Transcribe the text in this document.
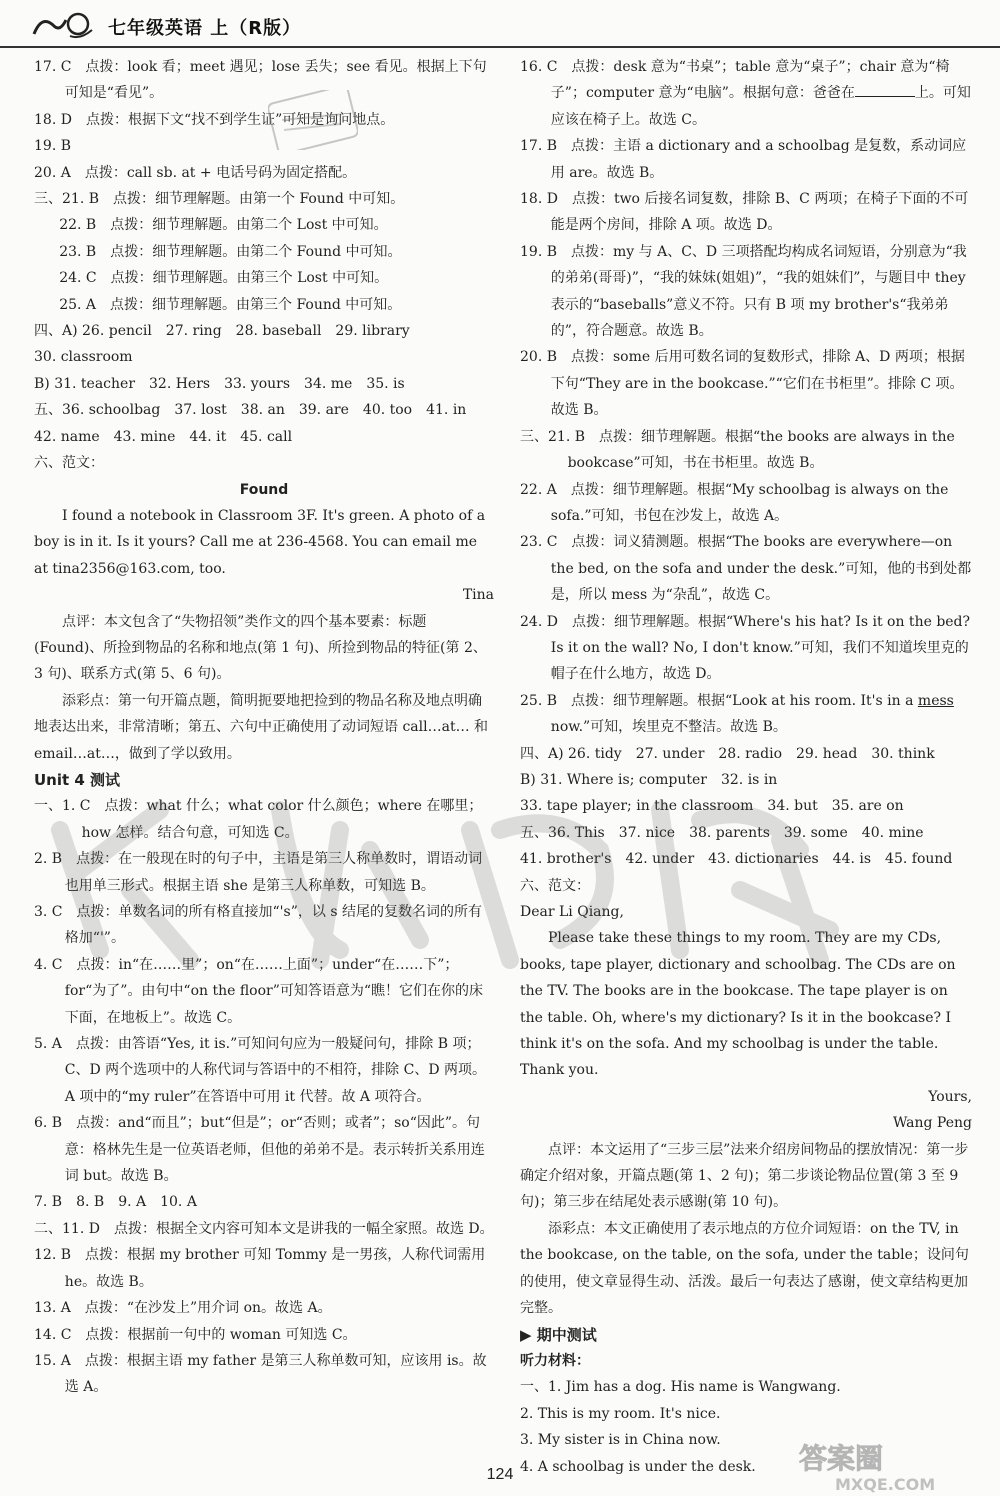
七年级英语 上（R版）

17. C　点拨：look 看；meet 遇见；lose 丢失；see 看见。根据上下句可知是“看见”。

18. D　点拨：根据下文“找不到学生证”可知是询问地点。

19. B

20. A　点拨：call sb. at + 电话号码为固定搭配。

三、21. B　点拨：细节理解题。由第一个 Found 中可知。

22. B　点拨：细节理解题。由第二个 Lost 中可知。

23. B　点拨：细节理解题。由第二个 Found 中可知。

24. C　点拨：细节理解题。由第三个 Lost 中可知。

25. A　点拨：细节理解题。由第三个 Found 中可知。

四、A) 26. pencil　27. ring　28. baseball　29. library

30. classroom

B) 31. teacher　32. Hers　33. yours　34. me　35. is

五、36. schoolbag　37. lost　38. an　39. are　40. too　41. in

42. name　43. mine　44. it　45. call

六、范文：

Found

I found a notebook in Classroom 3F. It's green. A photo of a boy is in it. Is it yours? Call me at 236-4568. You can email me at tina2356@163.com, too.

Tina

点评：本文包含了“失物招领”类作文的四个基本要素：标题 (Found)、所捡到物品的名称和地点(第 1 句)、所捡到物品的特征(第 2、3 句)、联系方式(第 5、6 句)。

添彩点：第一句开篇点题，简明扼要地把捡到的物品名称及地点明确地表达出来，非常清晰；第五、六句中正确使用了动词短语 call…at… 和 email…at…，做到了学以致用。

Unit 4 测试

一、1. C　点拨：what 什么；what color 什么颜色；where 在哪里；how 怎样。结合句意，可知选 C。

2. B　点拨：在一般现在时的句子中，主语是第三人称单数时，谓语动词也用单三形式。根据主语 she 是第三人称单数，可知选 B。

3. C　点拨：单数名词的所有格直接加“'s”，以 s 结尾的复数名词的所有格加“'”。

4. C　点拨：in“在……里”；on“在……上面”；under“在……下”；for“为了”。由句中“on the floor”可知答语意为“瞧！它们在你的床下面，在地板上”。故选 C。

5. A　点拨：由答语“Yes, it is.”可知问句应为一般疑问句，排除 B 项；C、D 两个选项中的人称代词与答语中的不相符，排除 C、D 两项。A 项中的“my ruler”在答语中可用 it 代替。故 A 项符合。

6. B　点拨：and“而且”；but“但是”；or“否则；或者”；so“因此”。句意：格林先生是一位英语老师，但他的弟弟不是。表示转折关系用连词 but。故选 B。

7. B　8. B　9. A　10. A

二、11. D　点拨：根据全文内容可知本文是讲我的一幅全家照。故选 D。

12. B　点拨：根据 my brother 可知 Tommy 是一男孩，人称代词需用 he。故选 B。

13. A　点拨：“在沙发上”用介词 on。故选 A。

14. C　点拨：根据前一句中的 woman 可知选 C。

15. A　点拨：根据主语 my father 是第三人称单数可知，应该用 is。故选 A。

16. C　点拨：desk 意为“书桌”；table 意为“桌子”；chair 意为“椅子”；computer 意为“电脑”。根据句意：爸爸在	上。可知应该在椅子上。故选 C。

17. B　点拨：主语 a dictionary and a schoolbag 是复数，系动词应用 are。故选 B。

18. D　点拨：two 后接名词复数，排除 B、C 两项；在椅子下面的不可能是两个房间，排除 A 项。故选 D。

19. B　点拨：my 与 A、C、D 三项搭配均构成名词短语，分别意为“我的弟弟(哥哥)”，“我的妹妹(姐姐)”，“我的姐妹们”，与题目中 they 表示的“baseballs”意义不符。只有 B 项 my brother's“我弟弟的”，符合题意。故选 B。

20. B　点拨：some 后用可数名词的复数形式，排除 A、D 两项；根据下句“They are in the bookcase.”“它们在书柜里”。排除 C 项。故选 B。

三、21. B　点拨：细节理解题。根据“the books are always in the bookcase”可知，书在书柜里。故选 B。

22. A　点拨：细节理解题。根据“My schoolbag is always on the sofa.”可知，书包在沙发上，故选 A。

23. C　点拨：词义猜测题。根据“The books are everywhere—on the bed, on the sofa and under the desk.”可知，他的书到处都是，所以 mess 为“杂乱”，故选 C。

24. D　点拨：细节理解题。根据“Where's his hat? Is it on the bed? Is it on the wall? No, I don't know.”可知，我们不知道埃里克的帽子在什么地方，故选 D。

25. B　点拨：细节理解题。根据“Look at his room. It's in a mess now.”可知，埃里克不整洁。故选 B。

四、A) 26. tidy　27. under　28. radio　29. head　30. think

B) 31. Where is; computer　32. is in

33. tape player; in the classroom　34. but　35. are on

五、36. This　37. nice　38. parents　39. some　40. mine

41. brother's　42. under　43. dictionaries　44. is　45. found

六、范文：

Dear Li Qiang,

Please take these things to my room. They are my CDs, books, tape player, dictionary and schoolbag. The CDs are on the TV. The books are in the bookcase. The tape player is on the table. Oh, where's my dictionary? Is it in the bookcase? I think it's on the sofa. And my schoolbag is under the table. Thank you.

Yours,

Wang Peng

点评：本文运用了“三步三层”法来介绍房间物品的摆放情况：第一步确定介绍对象，开篇点题(第 1、2 句)；第二步谈论物品位置(第 3 至 9 句)；第三步在结尾处表示感谢(第 10 句)。

添彩点：本文正确使用了表示地点的方位介词短语：on the TV, in the bookcase, on the table, on the sofa, under the table；设问句的使用，使文章显得生动、活泼。最后一句表达了感谢，使文章结构更加完整。

▶ 期中测试

听力材料：

一、1. Jim has a dog. His name is Wangwang.

2. This is my room. It's nice.

3. My sister is in China now.

4. A schoolbag is under the desk.

124	答案圈
MXQE.COM
